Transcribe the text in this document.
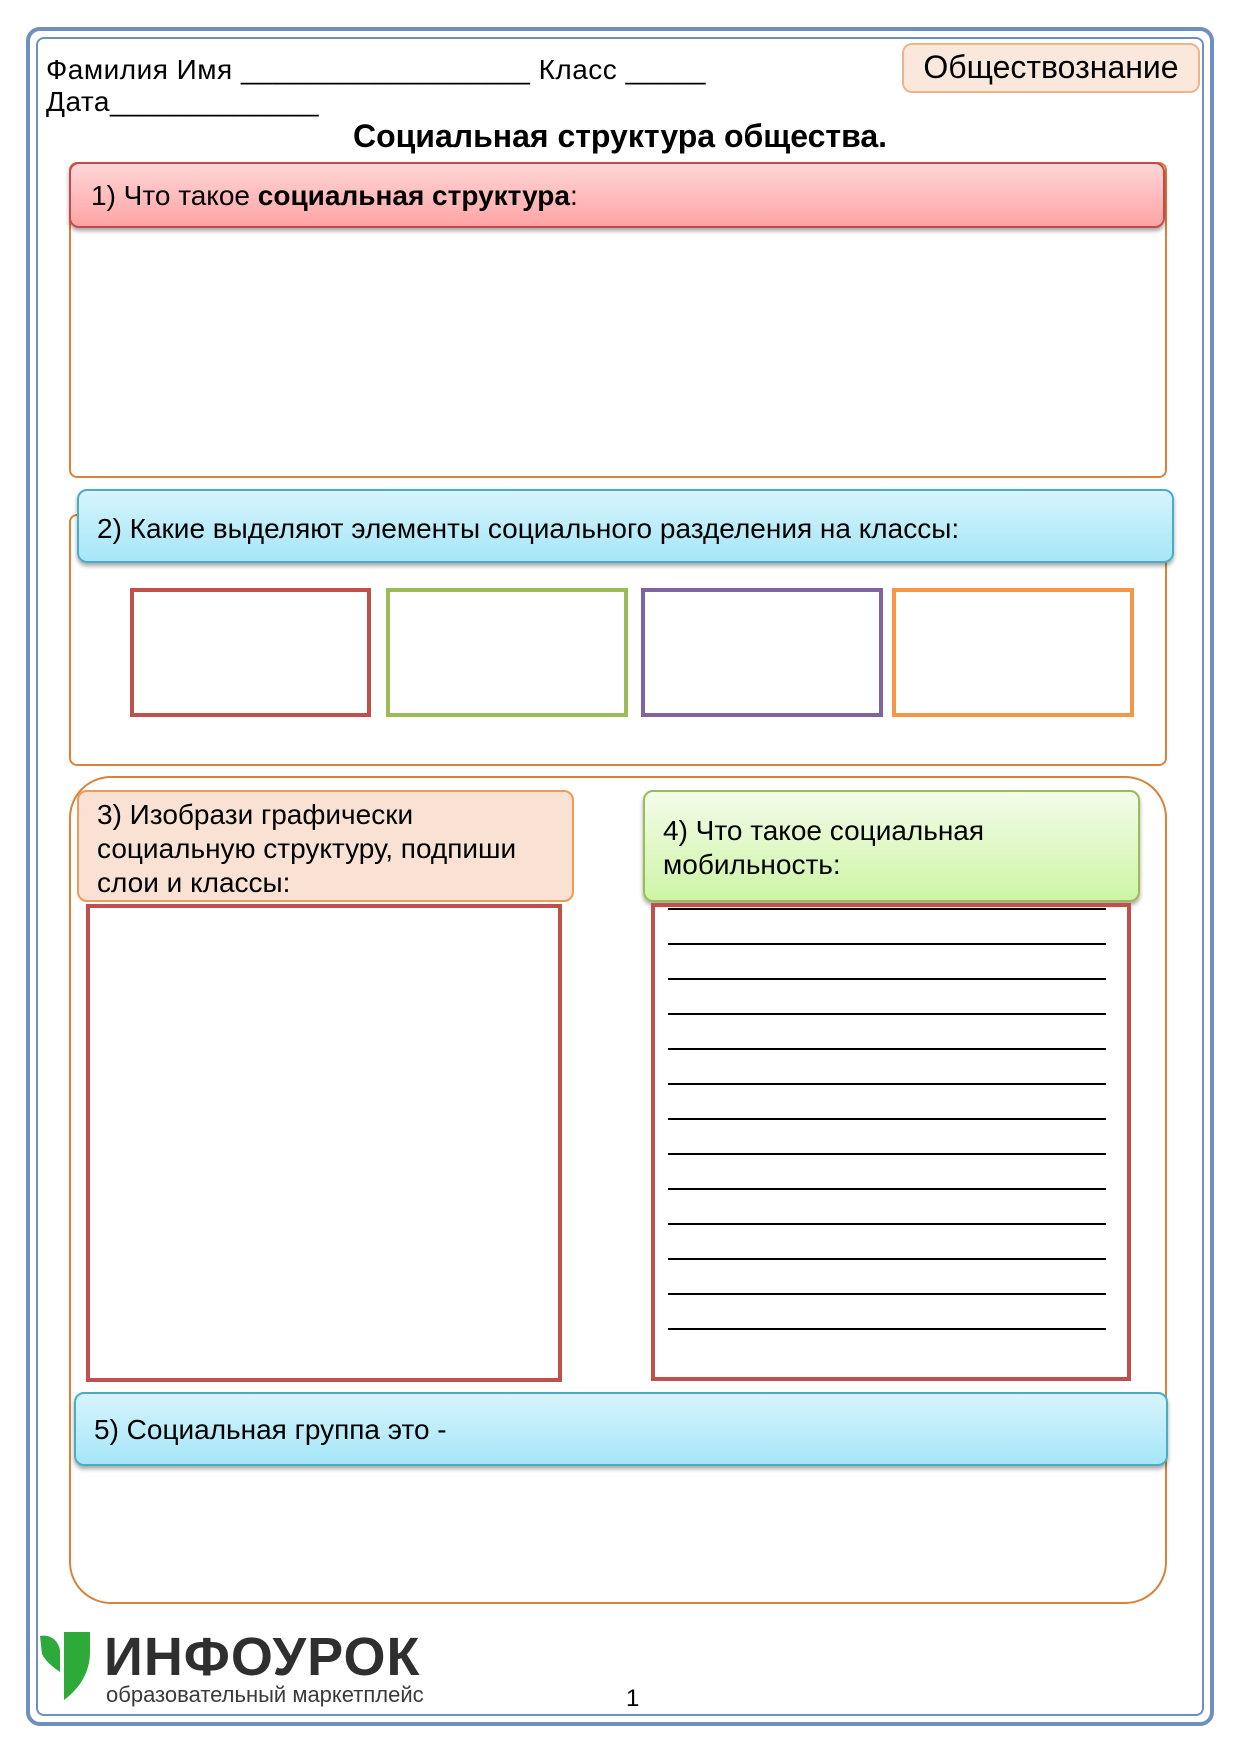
Фамилия Имя __________________ Класс _____
Дата_____________
Обществознание
Социальная структура общества.
1) Что такое социальная структура:
2) Какие выделяют элементы социального разделения на классы:
3) Изобрази графически социальную структуру, подпиши слои и классы:
4) Что такое социальная мобильность:
5) Социальная группа это -
ИНФОУРОК
образовательный маркетплейс	1
